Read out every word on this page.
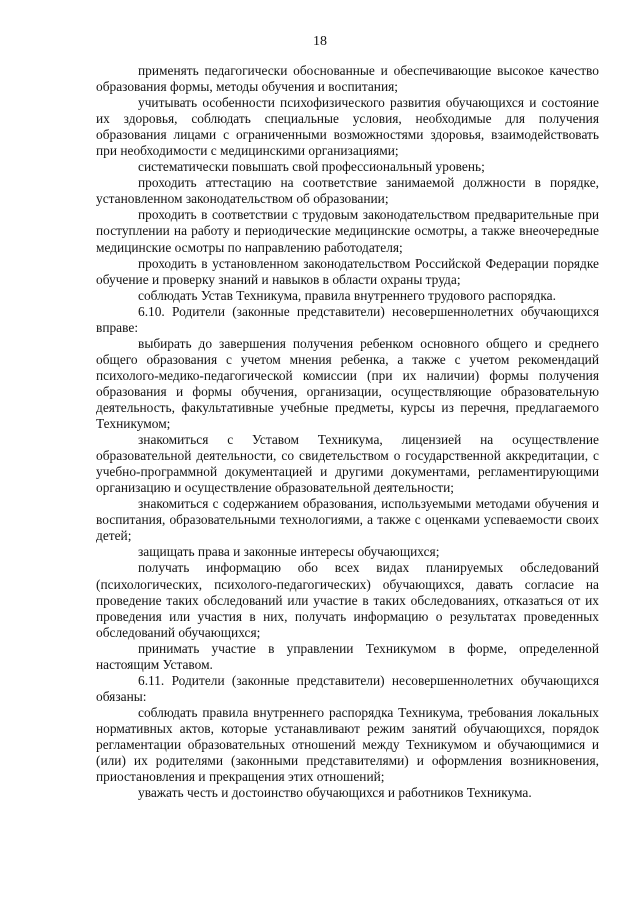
18

применять педагогически обоснованные и обеспечивающие высокое качество образования формы, методы обучения и воспитания;

учитывать особенности психофизического развития обучающихся и состояние их здоровья, соблюдать специальные условия, необходимые для получения образования лицами с ограниченными возможностями здоровья, взаимодействовать при необходимости с медицинскими организациями;

систематически повышать свой профессиональный уровень;

проходить аттестацию на соответствие занимаемой должности в порядке, установленном законодательством об образовании;

проходить в соответствии с трудовым законодательством предварительные при поступлении на работу и периодические медицинские осмотры, а также внеочередные медицинские осмотры по направлению работодателя;

проходить в установленном законодательством Российской Федерации порядке обучение и проверку знаний и навыков в области охраны труда;

соблюдать Устав Техникума, правила внутреннего трудового распорядка.

6.10. Родители (законные представители) несовершеннолетних обучающихся вправе:

выбирать до завершения получения ребенком основного общего и среднего общего образования с учетом мнения ребенка, а также с учетом рекомендаций психолого-медико-педагогической комиссии (при их наличии) формы получения образования и формы обучения, организации, осуществляющие образовательную деятельность, факультативные учебные предметы, курсы из перечня, предлагаемого Техникумом;

знакомиться с Уставом Техникума, лицензией на осуществление образовательной деятельности, со свидетельством о государственной аккредитации, с учебно-программной документацией и другими документами, регламентирующими организацию и осуществление образовательной деятельности;

знакомиться с содержанием образования, используемыми методами обучения и воспитания, образовательными технологиями, а также с оценками успеваемости своих детей;

защищать права и законные интересы обучающихся;

получать информацию обо всех видах планируемых обследований (психологических, психолого-педагогических) обучающихся, давать согласие на проведение таких обследований или участие в таких обследованиях, отказаться от их проведения или участия в них, получать информацию о результатах проведенных обследований обучающихся;

принимать участие в управлении Техникумом в форме, определенной настоящим Уставом.

6.11. Родители (законные представители) несовершеннолетних обучающихся обязаны:

соблюдать правила внутреннего распорядка Техникума, требования локальных нормативных актов, которые устанавливают режим занятий обучающихся, порядок регламентации образовательных отношений между Техникумом и обучающимися и (или) их родителями (законными представителями) и оформления возникновения, приостановления и прекращения этих отношений;

уважать честь и достоинство обучающихся и работников Техникума.
